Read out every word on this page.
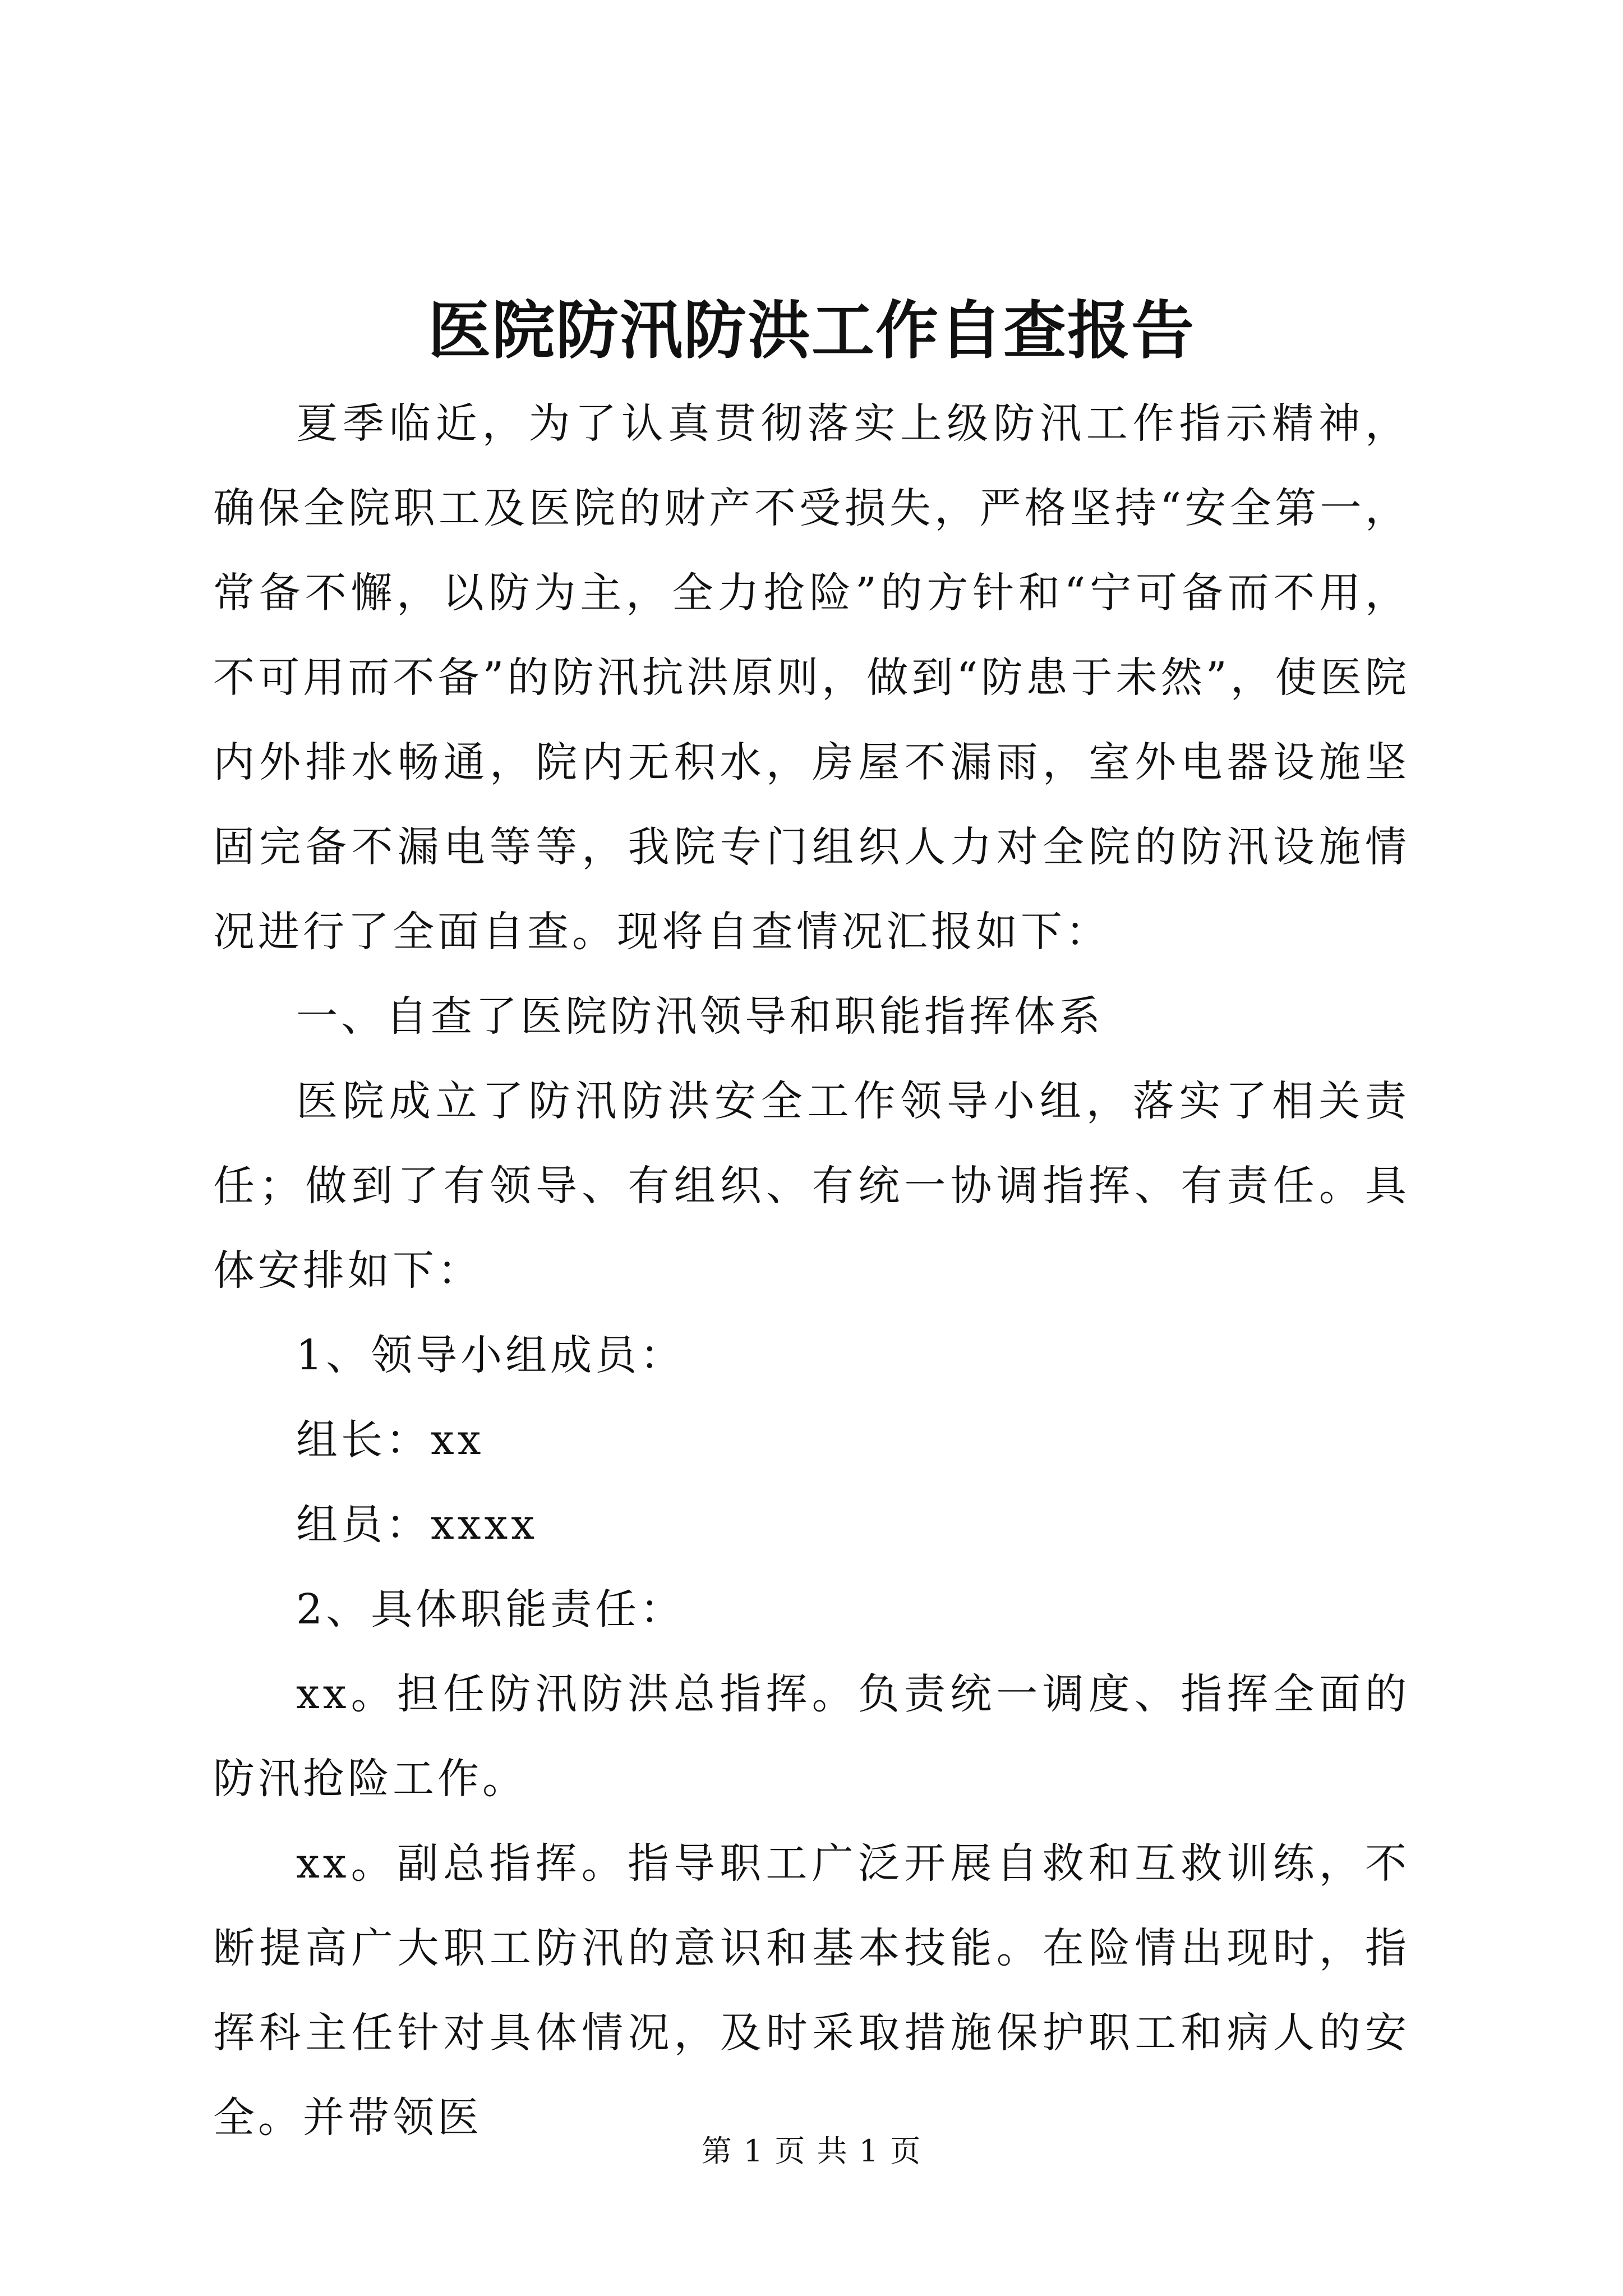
医院防汛防洪工作自查报告

夏季临近，为了认真贯彻落实上级防汛工作指示精神，确保全院职工及医院的财产不受损失，严格坚持“安全第一，常备不懈，以防为主，全力抢险”的方针和“宁可备而不用，不可用而不备”的防汛抗洪原则，做到“防患于未然”，使医院内外排水畅通，院内无积水，房屋不漏雨，室外电器设施坚固完备不漏电等等，我院专门组织人力对全院的防汛设施情况进行了全面自查。现将自查情况汇报如下：

一、自查了医院防汛领导和职能指挥体系

医院成立了防汛防洪安全工作领导小组，落实了相关责任；做到了有领导、有组织、有统一协调指挥、有责任。具体安排如下：

1、领导小组成员：

组长：xx

组员：xxxx

2、具体职能责任：

xx。担任防汛防洪总指挥。负责统一调度、指挥全面的防汛抢险工作。

xx。副总指挥。指导职工广泛开展自救和互救训练，不断提高广大职工防汛的意识和基本技能。在险情出现时，指挥科主任针对具体情况，及时采取措施保护职工和病人的安全。并带领医

第 1 页 共 1 页
